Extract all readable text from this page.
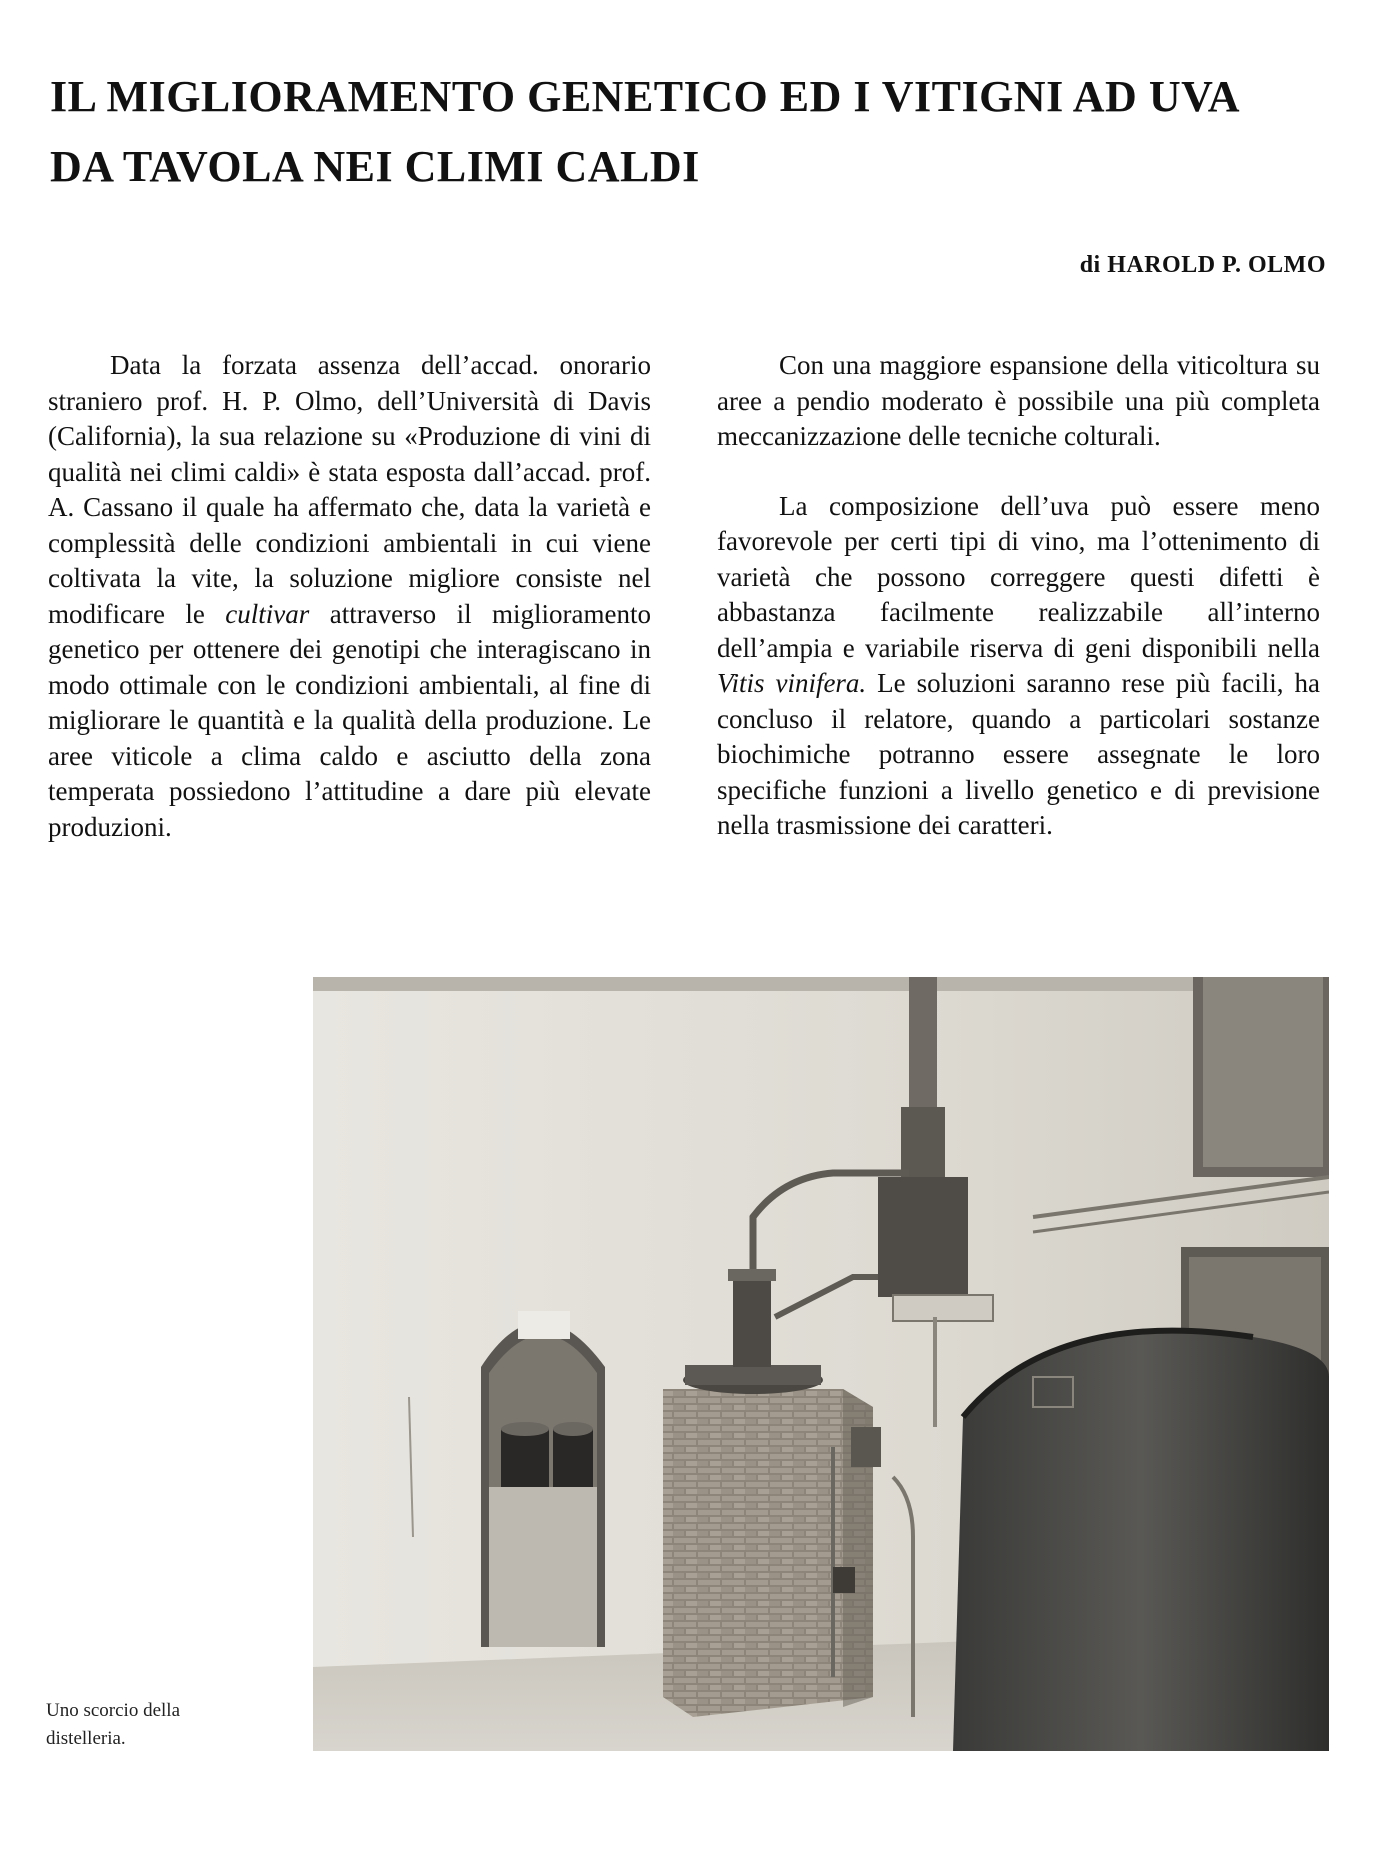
IL MIGLIORAMENTO GENETICO ED I VITIGNI AD UVA
DA TAVOLA NEI CLIMI CALDI
di HAROLD P. OLMO

Data la forzata assenza dell’accad. onorario straniero prof. H. P. Olmo, dell’Università di Davis (California), la sua relazione su «Produzione di vini di qualità nei climi caldi» è stata esposta dall’accad. prof. A. Cassano il quale ha affermato che, data la varietà e complessità delle condizioni ambientali in cui viene coltivata la vite, la soluzione migliore consiste nel modificare le cultivar attraverso il miglioramento genetico per ottenere dei genotipi che interagiscano in modo ottimale con le condizioni ambientali, al fine di migliorare le quantità e la qualità della produzione. Le aree viticole a clima caldo e asciutto della zona temperata possiedono l’attitudine a dare più elevate produzioni.

Con una maggiore espansione della viticoltura su aree a pendio moderato è possibile una più completa meccanizzazione delle tecniche colturali.

La composizione dell’uva può essere meno favorevole per certi tipi di vino, ma l’ottenimento di varietà che possono correggere questi difetti è abbastanza facilmente realizzabile all’interno dell’ampia e variabile riserva di geni disponibili nella Vitis vinifera. Le soluzioni saranno rese più facili, ha concluso il relatore, quando a particolari sostanze biochimiche potranno essere assegnate le loro specifiche funzioni a livello genetico e di previsione nella trasmissione dei caratteri.

Uno scorcio della distelleria.
